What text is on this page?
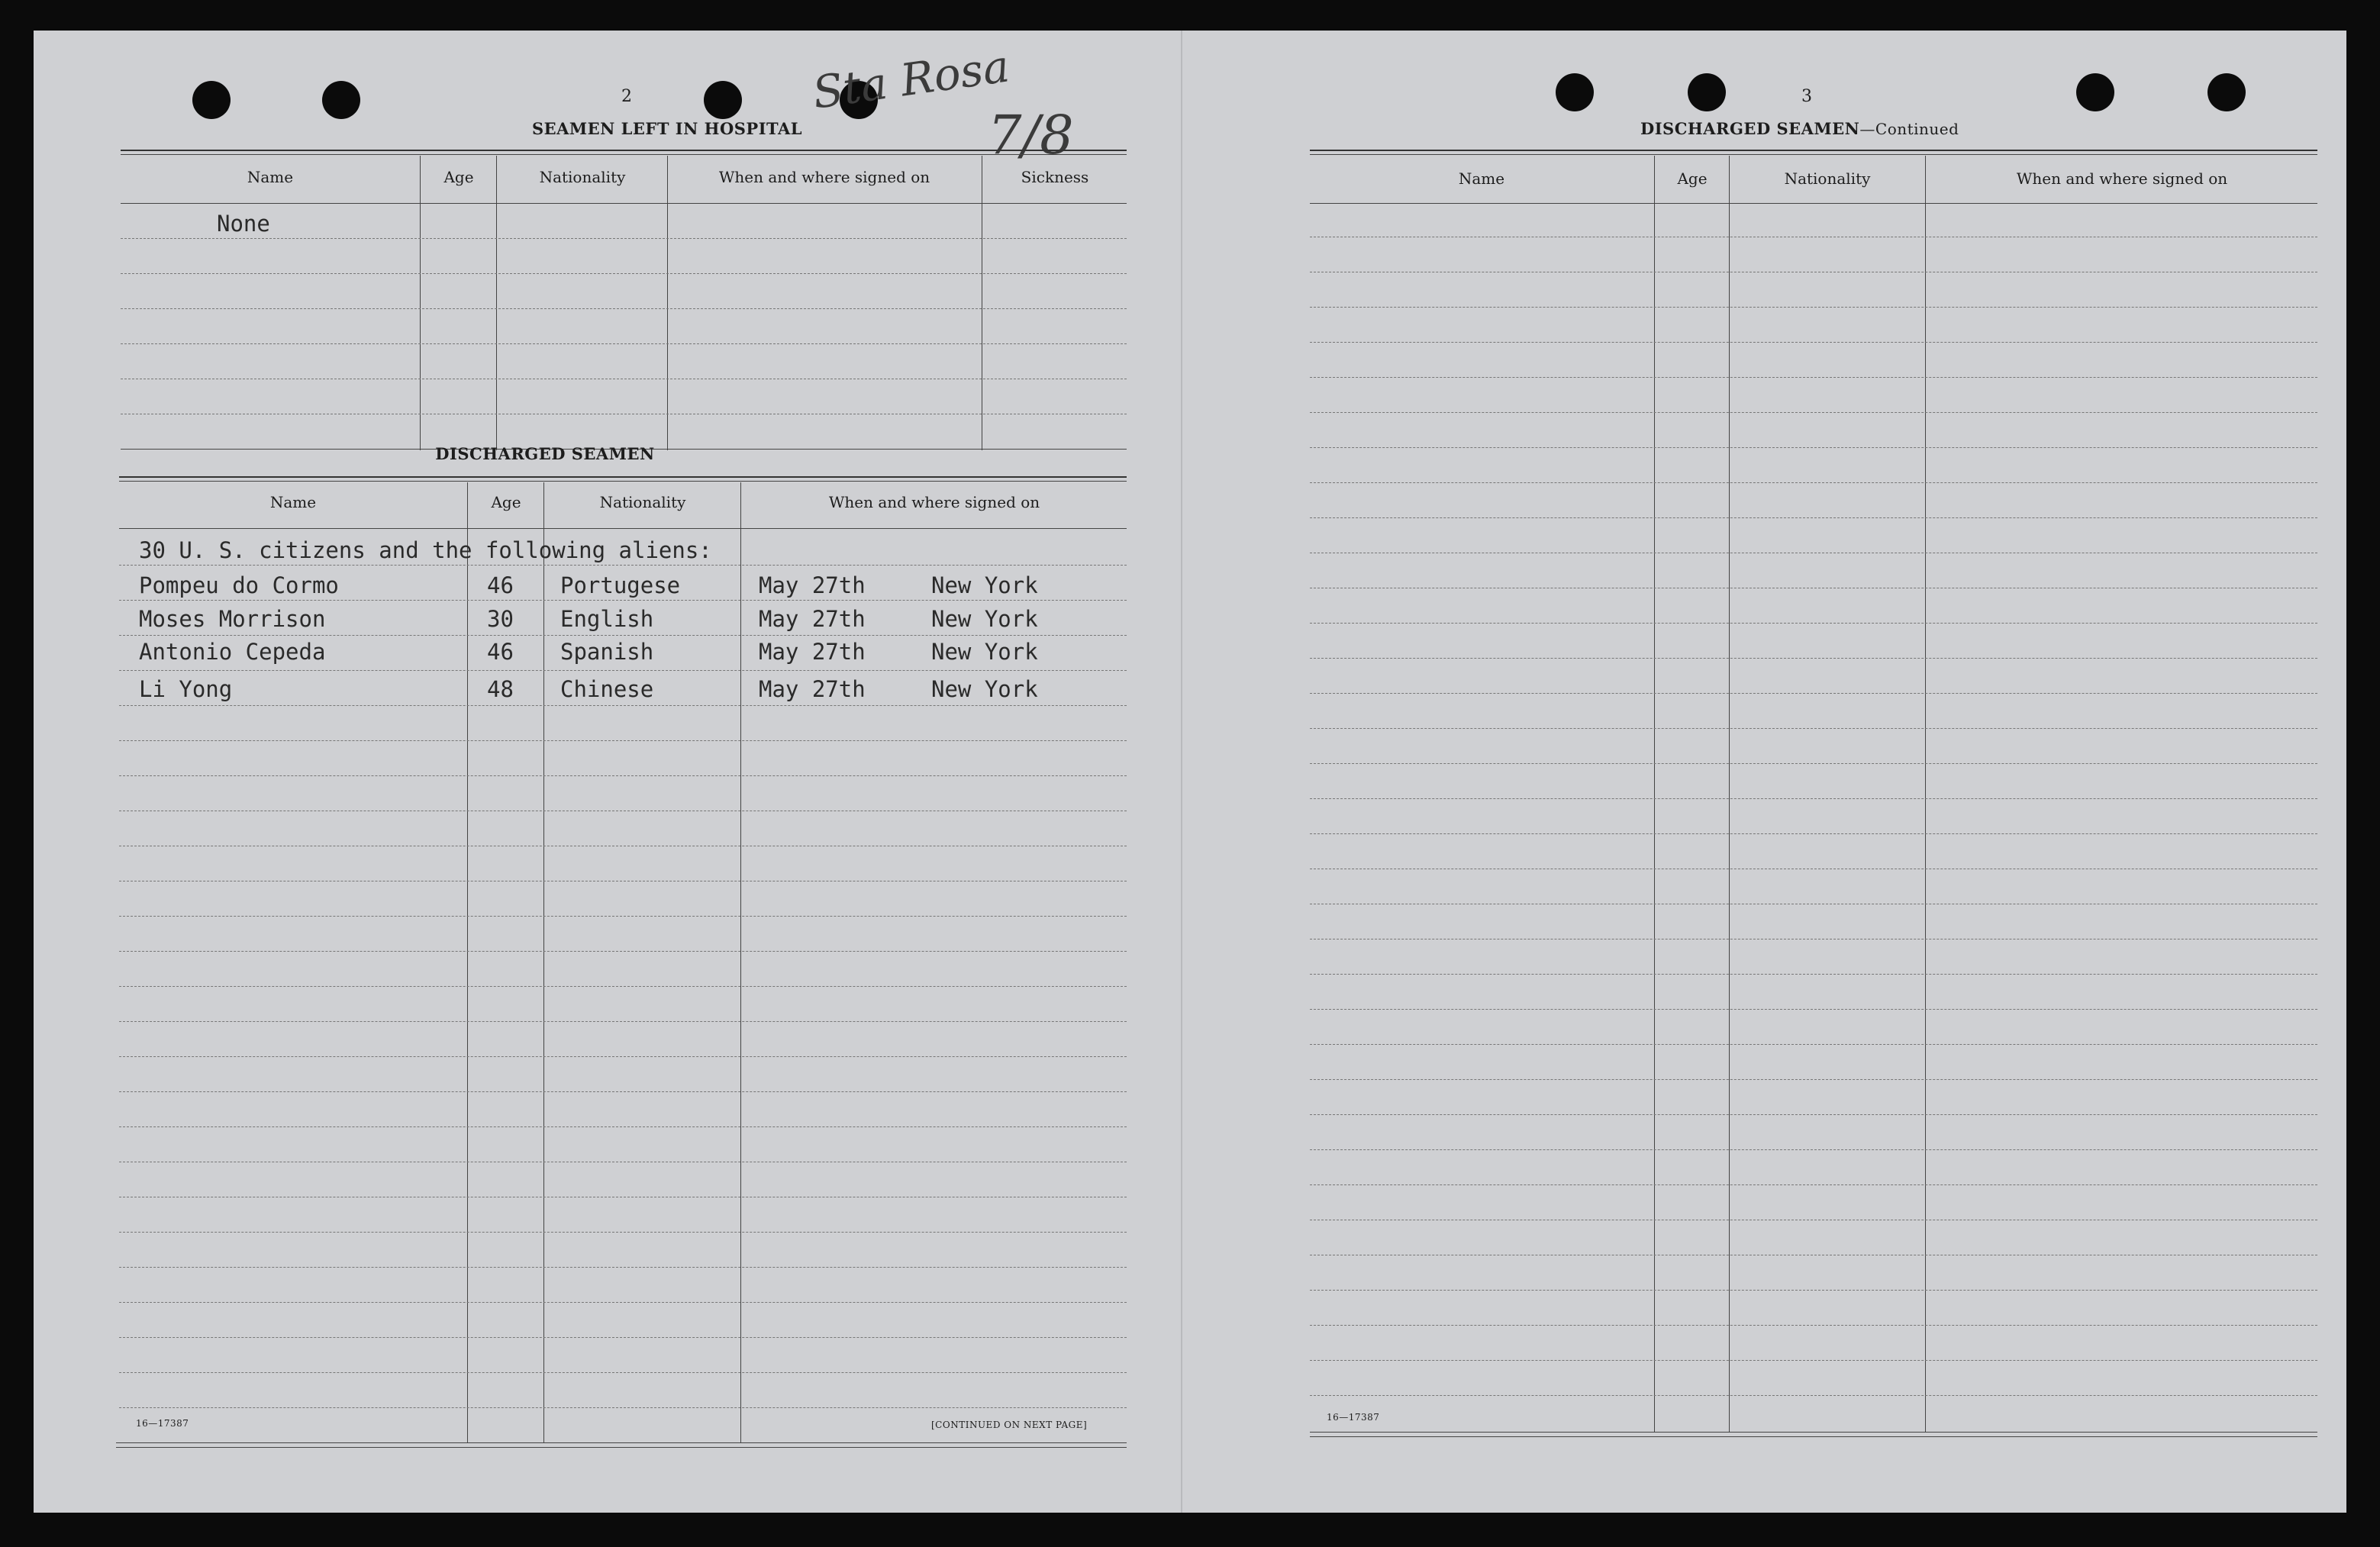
2
SEAMEN LEFT IN HOSPITAL
Sta Rosa
7/8
Name	Age	Nationality	When and where signed on	Sickness
None
DISCHARGED SEAMEN
Name	Age	Nationality	When and where signed on
30 U. S. citizens and the following aliens:
Pompeu do Cormo	46 Portugese	May 27th	New York
Moses Morrison	30 English	May 27th	New York
Antonio Cepeda	46 Spanish	May 27th	New York
Li Yong	48 Chinese	May 27th	New York
16—17387	[CONTINUED ON NEXT PAGE]
3
DISCHARGED SEAMEN—Continued
Name	Age	Nationality	When and where signed on
16—17387
